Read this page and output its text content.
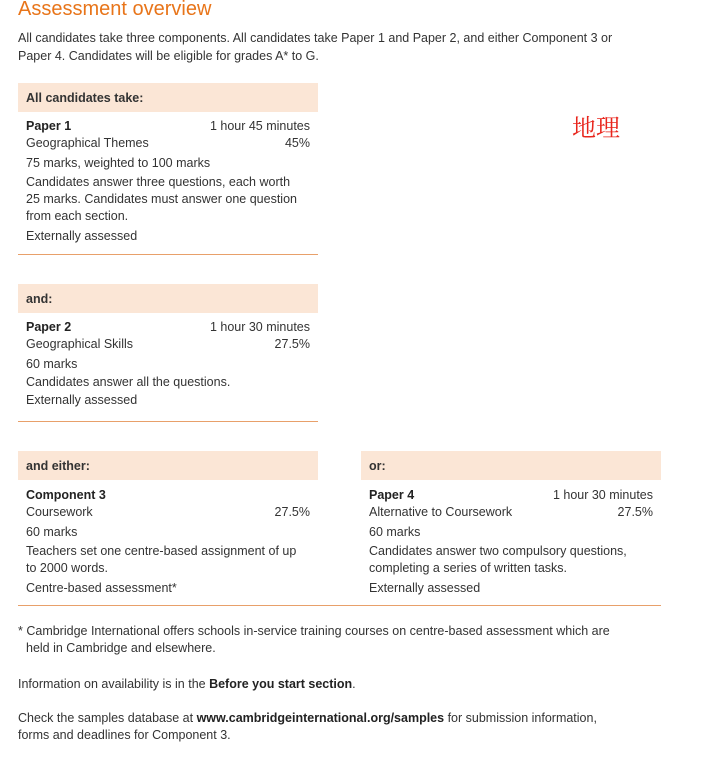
Assessment overview
All candidates take three components. All candidates take Paper 1 and Paper 2, and either Component 3 or
Paper 4. Candidates will be eligible for grades A* to G.
地理
All candidates take:
Paper 1	1 hour 45 minutes
Geographical Themes	45%
75 marks, weighted to 100 marks
Candidates answer three questions, each worth
25 marks. Candidates must answer one question
from each section.
Externally assessed
and:
Paper 2	1 hour 30 minutes
Geographical Skills	27.5%
60 marks
Candidates answer all the questions.
Externally assessed
and either:	or:
Component 3
Coursework	27.5%
60 marks
Teachers set one centre-based assignment of up
to 2000 words.
Centre-based assessment*
Paper 4	1 hour 30 minutes
Alternative to Coursework	27.5%
60 marks
Candidates answer two compulsory questions,
completing a series of written tasks.
Externally assessed
* Cambridge International offers schools in-service training courses on centre-based assessment which are
held in Cambridge and elsewhere.
Information on availability is in the Before you start section.
Check the samples database at www.cambridgeinternational.org/samples for submission information,
forms and deadlines for Component 3.
